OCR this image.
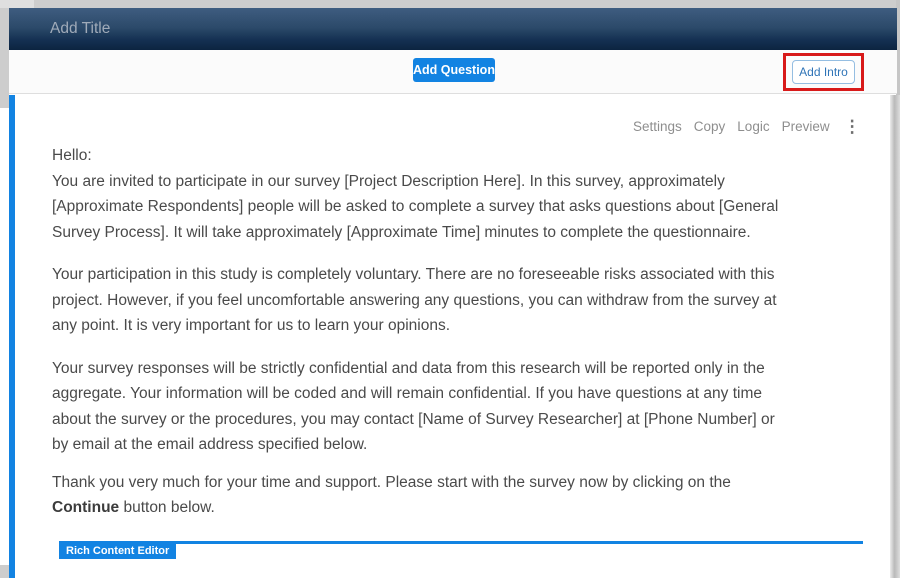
Add Title
Add Question	Add Intro
Settings Copy Logic Preview ⋮
Hello:
You are invited to participate in our survey [Project Description Here]. In this survey, approximately
[Approximate Respondents] people will be asked to complete a survey that asks questions about [General
Survey Process]. It will take approximately [Approximate Time] minutes to complete the questionnaire.
Your participation in this study is completely voluntary. There are no foreseeable risks associated with this
project. However, if you feel uncomfortable answering any questions, you can withdraw from the survey at
any point. It is very important for us to learn your opinions.
Your survey responses will be strictly confidential and data from this research will be reported only in the
aggregate. Your information will be coded and will remain confidential. If you have questions at any time
about the survey or the procedures, you may contact [Name of Survey Researcher] at [Phone Number] or
by email at the email address specified below.
Thank you very much for your time and support. Please start with the survey now by clicking on the
Continue button below.
Rich Content Editor
